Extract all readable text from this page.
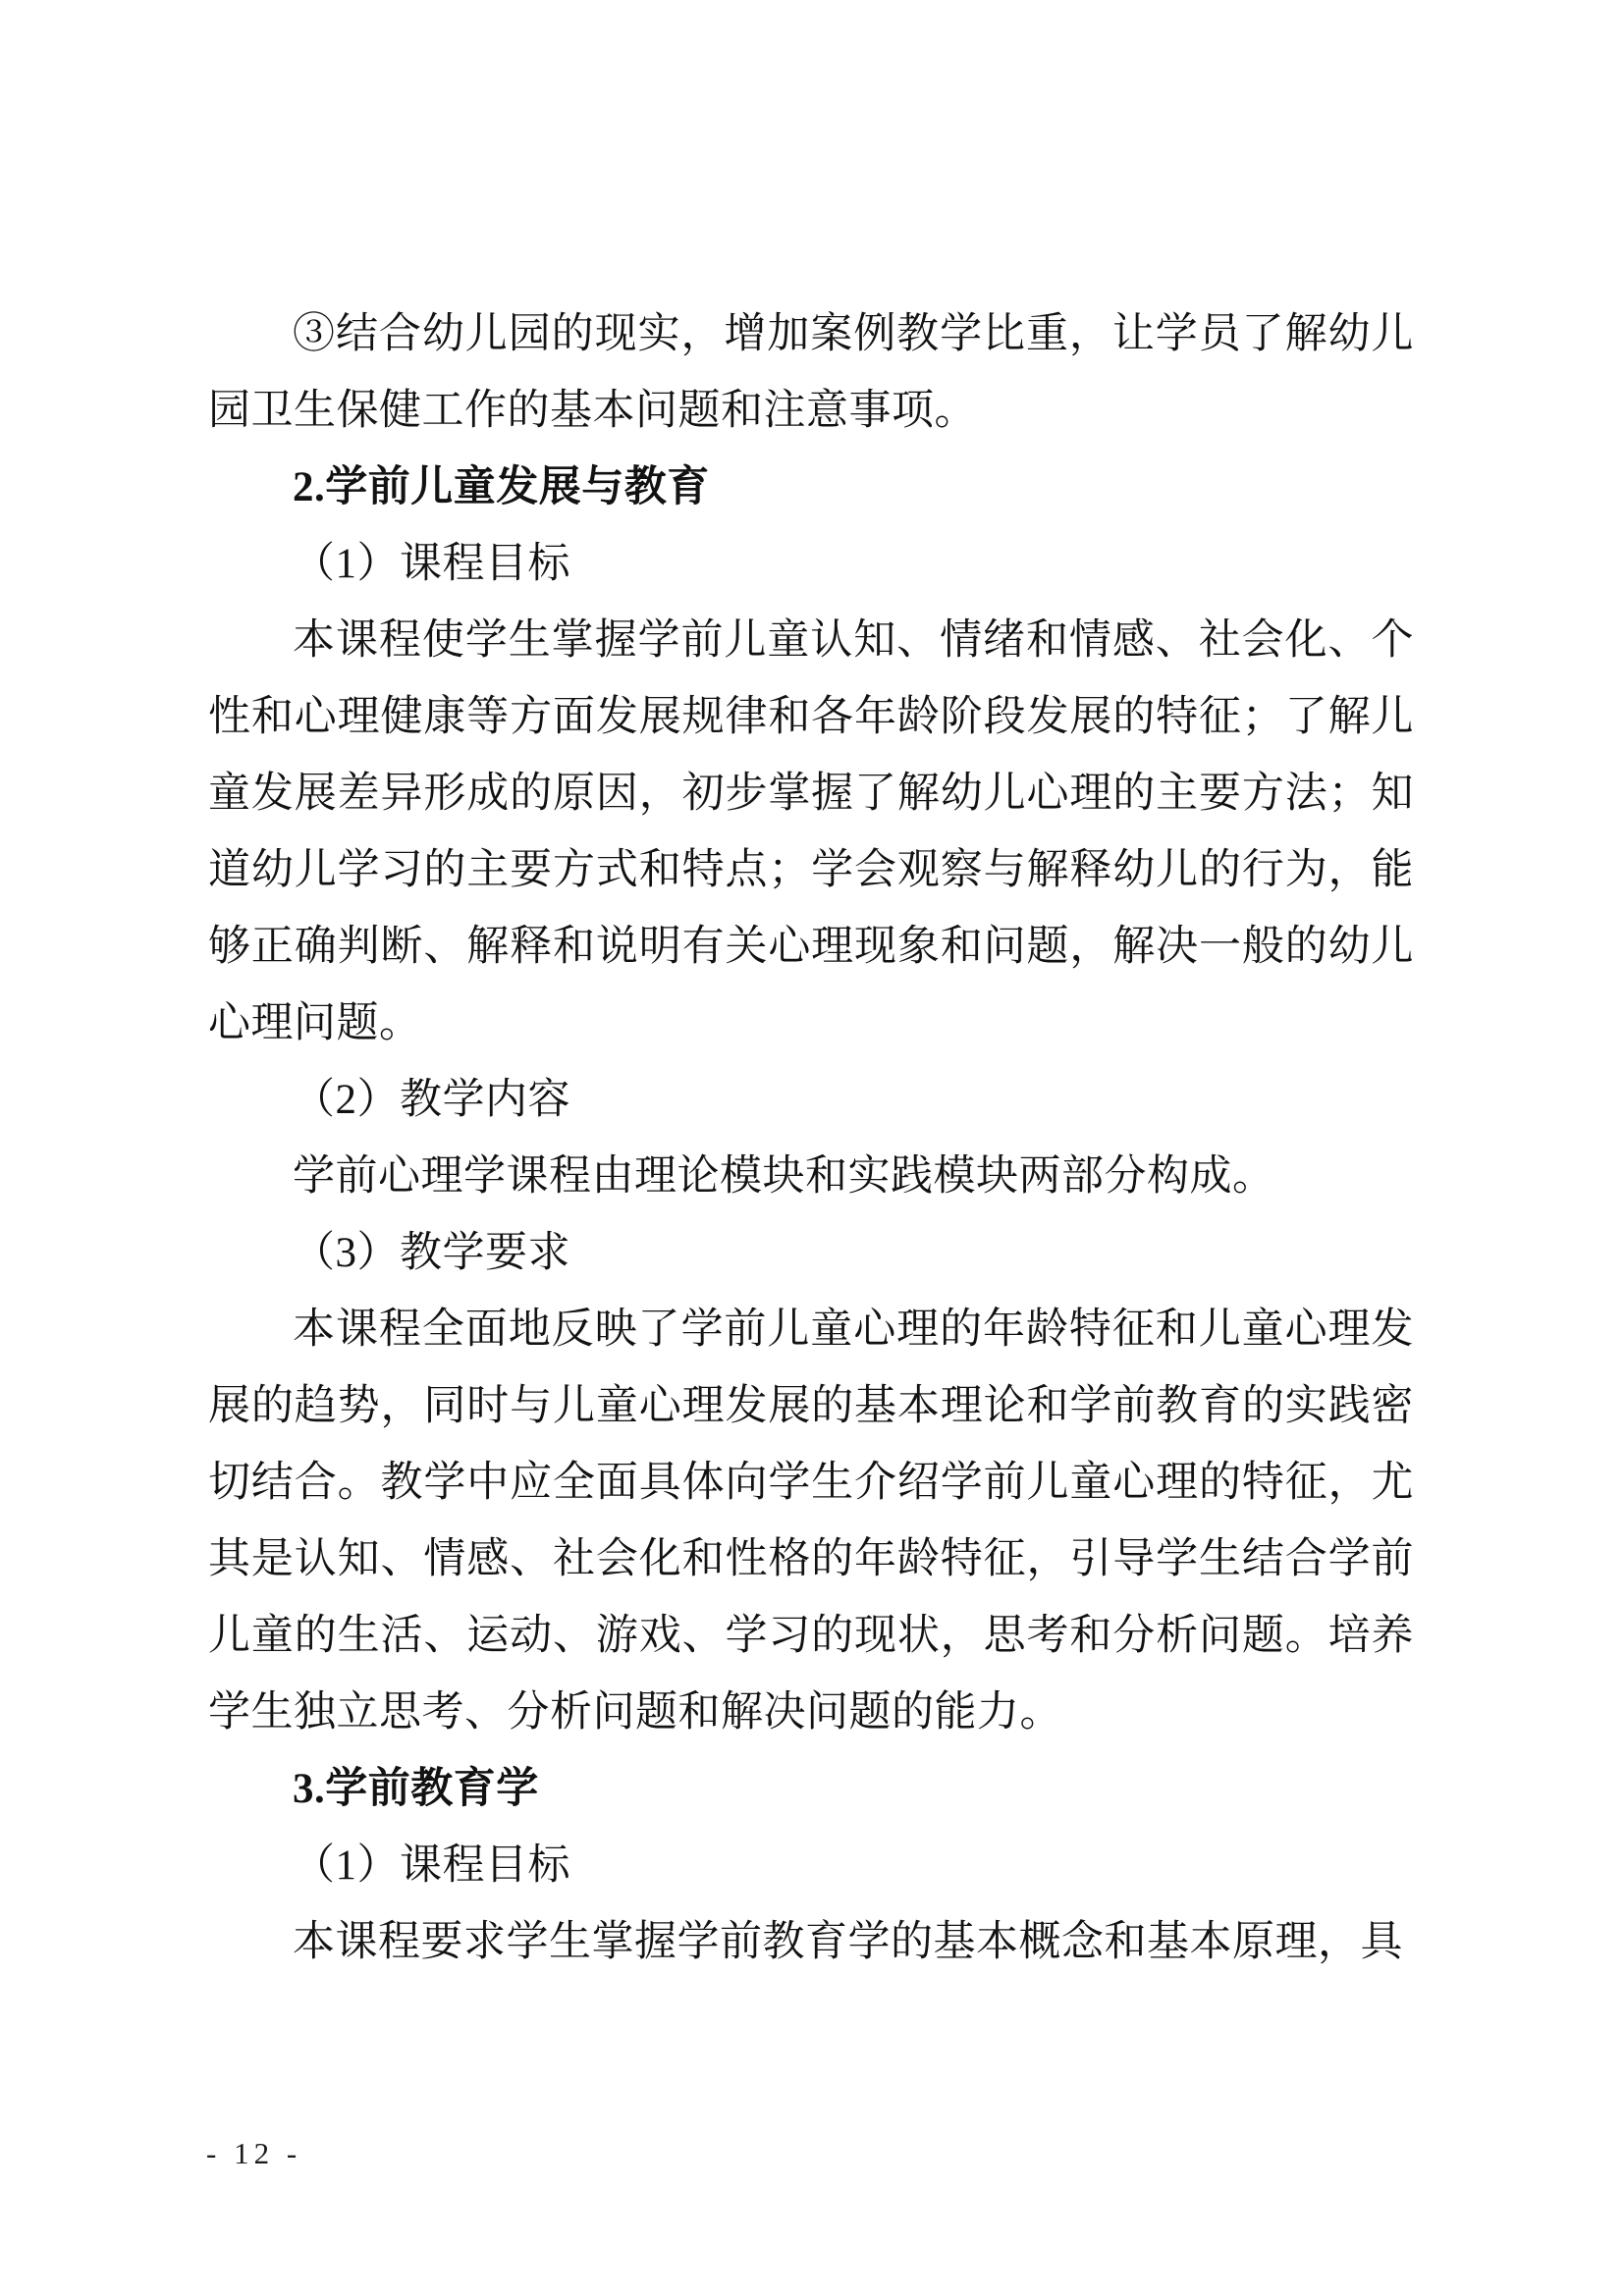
③结合幼儿园的现实，增加案例教学比重，让学员了解幼儿园卫生保健工作的基本问题和注意事项。

2.学前儿童发展与教育

（1）课程目标

本课程使学生掌握学前儿童认知、情绪和情感、社会化、个性和心理健康等方面发展规律和各年龄阶段发展的特征；了解儿童发展差异形成的原因，初步掌握了解幼儿心理的主要方法；知道幼儿学习的主要方式和特点；学会观察与解释幼儿的行为，能够正确判断、解释和说明有关心理现象和问题，解决一般的幼儿心理问题。

（2）教学内容

学前心理学课程由理论模块和实践模块两部分构成。

（3）教学要求

本课程全面地反映了学前儿童心理的年龄特征和儿童心理发展的趋势，同时与儿童心理发展的基本理论和学前教育的实践密切结合。教学中应全面具体向学生介绍学前儿童心理的特征，尤其是认知、情感、社会化和性格的年龄特征，引导学生结合学前儿童的生活、运动、游戏、学习的现状，思考和分析问题。培养学生独立思考、分析问题和解决问题的能力。

3.学前教育学

（1）课程目标

本课程要求学生掌握学前教育学的基本概念和基本原理，具

- 12 -
